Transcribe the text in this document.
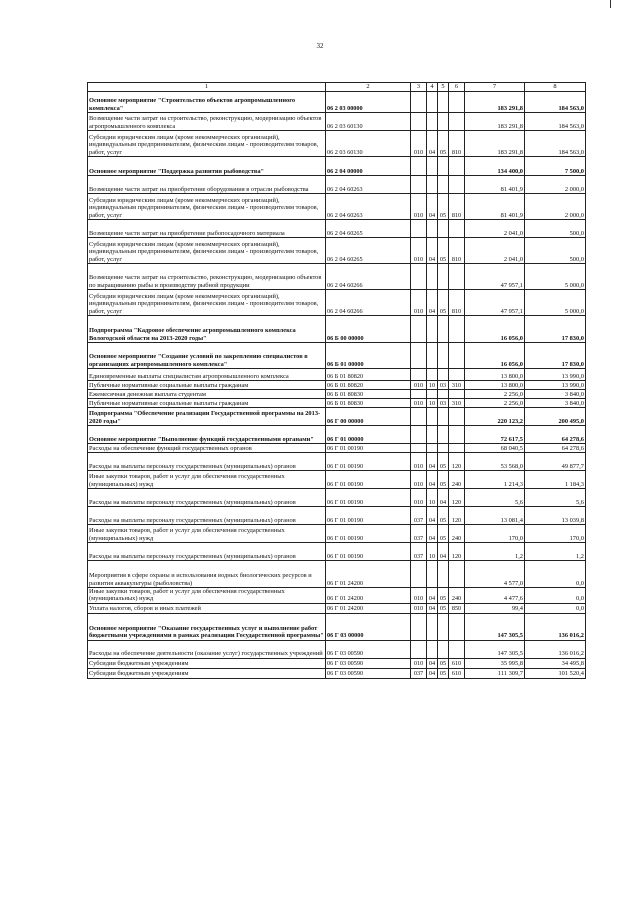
32
1	2	3	4	5	6	7	8
Основное мероприятие "Строительство объектов агропромышленного комплекса"	06 2 03 00000					183 291,8	184 563,0
Возмещение части затрат на строительство, реконструкцию, модернизацию объектов агропромышленного комплекса	06 2 03 60130					183 291,8	184 563,0
Субсидии юридическим лицам (кроме некоммерческих организаций), индивидуальным предпринимателям, физическим лицам - производителям товаров, работ, услуг	06 2 03 60130	010	04	05	810	183 291,8	184 563,0
Основное мероприятие "Поддержка развития рыбоводства"	06 2 04 00000					134 400,0	7 500,0
Возмещение части затрат на приобретение оборудования в отрасли рыбоводства	06 2 04 60263					81 401,9	2 000,0
Субсидии юридическим лицам (кроме некоммерческих организаций), индивидуальным предпринимателям, физическим лицам - производителям товаров, работ, услуг	06 2 04 60263	010	04	05	810	81 401,9	2 000,0
Возмещение части затрат на приобретение рыбопосадочного материала	06 2 04 60265					2 041,0	500,0
Субсидии юридическим лицам (кроме некоммерческих организаций), индивидуальным предпринимателям, физическим лицам - производителям товаров, работ, услуг	06 2 04 60265	010	04	05	810	2 041,0	500,0
Возмещение части затрат на строительство, реконструкцию, модернизацию объектов по выращиванию рыбы и производству рыбной продукции	06 2 04 60266					47 957,1	5 000,0
Субсидии юридическим лицам (кроме некоммерческих организаций), индивидуальным предпринимателям, физическим лицам - производителям товаров, работ, услуг	06 2 04 60266	010	04	05	810	47 957,1	5 000,0
Подпрограмма "Кадровое обеспечение агропромышленного комплекса Вологодской области на 2013-2020 годы"	06 Б 00 00000					16 056,0	17 830,0
Основное мероприятие "Создание условий по закреплению специалистов в организациях агропромышленного комплекса"	06 Б 01 00000					16 056,0	17 830,0
Единовременные выплаты специалистам агропромышленного комплекса	06 Б 01 80820					13 800,0	13 990,0
Публичные нормативные социальные выплаты гражданам	06 Б 01 80820	010	10	03	310	13 800,0	13 990,0
Ежемесячная денежная выплата студентам	06 Б 01 80830					2 256,0	3 840,0
Публичные нормативные социальные выплаты гражданам	06 Б 01 80830	010	10	03	310	2 256,0	3 840,0
Подпрограмма "Обеспечение реализации Государственной программы на 2013-2020 годы"	06 Г 00 00000					220 123,2	200 495,0
Основное мероприятие "Выполнение функций государственными органами"	06 Г 01 00000					72 617,5	64 278,6
Расходы на обеспечение функций государственных органов	06 Г 01 00190					68 040,5	64 278,6
Расходы на выплаты персоналу государственных (муниципальных) органов	06 Г 01 00190	010	04	05	120	53 568,0	49 877,7
Иные закупки товаров, работ и услуг для обеспечения государственных (муниципальных) нужд	06 Г 01 00190	010	04	05	240	1 214,3	1 184,3
Расходы на выплаты персоналу государственных (муниципальных) органов	06 Г 01 00190	010	10	04	120	5,6	5,6
Расходы на выплаты персоналу государственных (муниципальных) органов	06 Г 01 00190	037	04	05	120	13 081,4	13 039,8
Иные закупки товаров, работ и услуг для обеспечения государственных (муниципальных) нужд	06 Г 01 00190	037	04	05	240	170,0	170,0
Расходы на выплаты персоналу государственных (муниципальных) органов	06 Г 01 00190	037	10	04	120	1,2	1,2
Мероприятия в сфере охраны и использования водных биологических ресурсов и развития аквакультуры (рыболовства)	06 Г 01 24200					4 577,0	0,0
Иные закупки товаров, работ и услуг для обеспечения государственных (муниципальных) нужд	06 Г 01 24200	010	04	05	240	4 477,6	0,0
Уплата налогов, сборов и иных платежей	06 Г 01 24200	010	04	05	850	99,4	0,0
Основное мероприятие "Оказание государственных услуг и выполнение работ бюджетными учреждениями в рамках реализации Государственной программы"	06 Г 03 00000					147 305,5	136 016,2
Расходы на обеспечение деятельности (оказание услуг) государственных учреждений	06 Г 03 00590					147 305,5	136 016,2
Субсидии бюджетным учреждениям	06 Г 03 00590	010	04	05	610	35 995,8	34 495,8
Субсидии бюджетным учреждениям	06 Г 03 00590	037	04	05	610	111 309,7	101 520,4
